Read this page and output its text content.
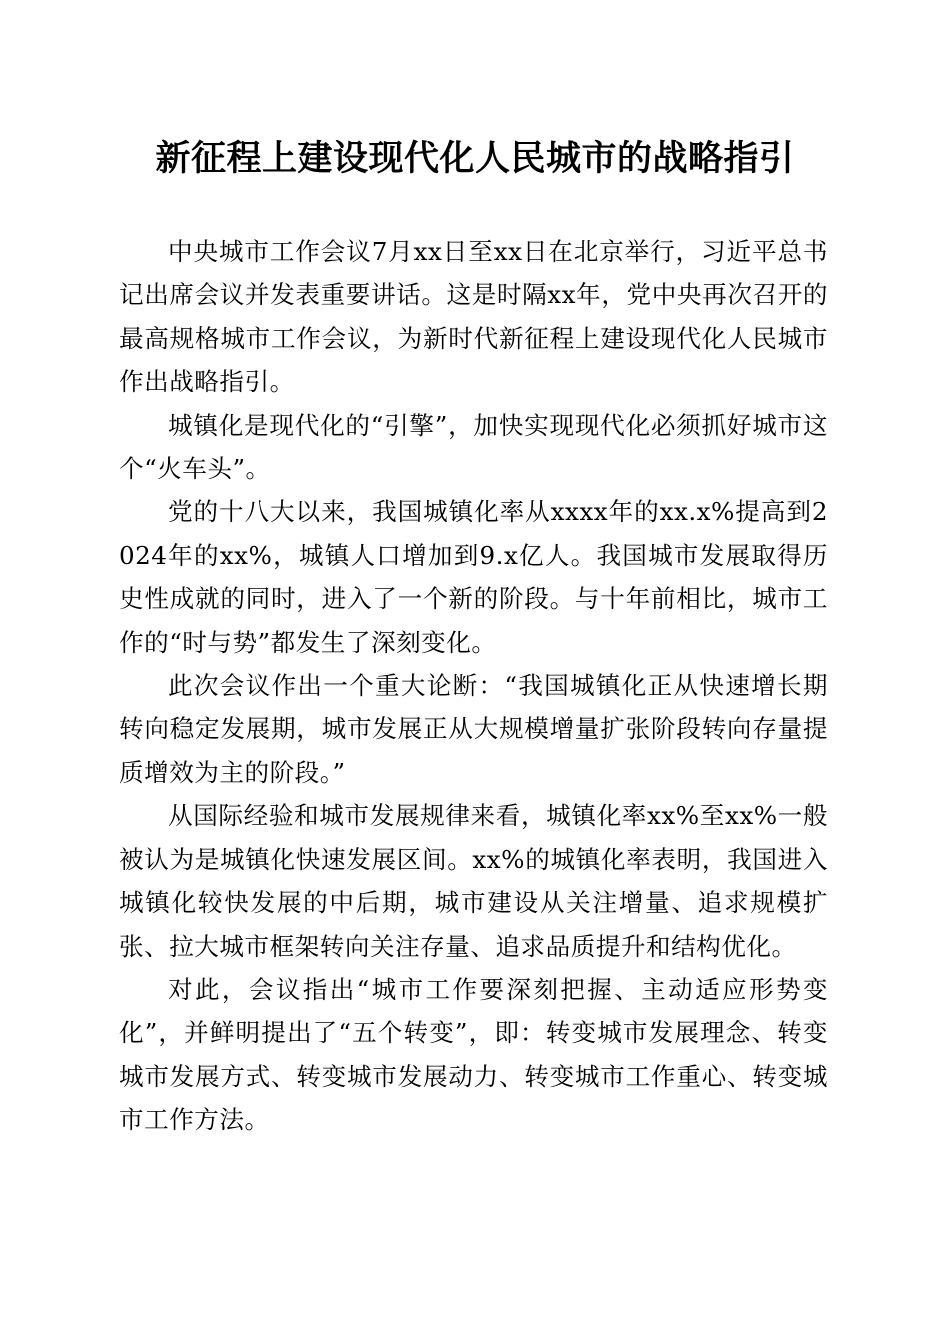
新征程上建设现代化人民城市的战略指引

中央城市工作会议7月xx日至xx日在北京举行，习近平总书记出席会议并发表重要讲话。这是时隔xx年，党中央再次召开的最高规格城市工作会议，为新时代新征程上建设现代化人民城市作出战略指引。

城镇化是现代化的“引擎”，加快实现现代化必须抓好城市这个“火车头”。

党的十八大以来，我国城镇化率从xxxx年的xx.x%提高到2024年的xx%，城镇人口增加到9.x亿人。我国城市发展取得历史性成就的同时，进入了一个新的阶段。与十年前相比，城市工作的“时与势”都发生了深刻变化。

此次会议作出一个重大论断：“我国城镇化正从快速增长期转向稳定发展期，城市发展正从大规模增量扩张阶段转向存量提质增效为主的阶段。”

从国际经验和城市发展规律来看，城镇化率xx%至xx%一般被认为是城镇化快速发展区间。xx%的城镇化率表明，我国进入城镇化较快发展的中后期，城市建设从关注增量、追求规模扩张、拉大城市框架转向关注存量、追求品质提升和结构优化。

对此，会议指出“城市工作要深刻把握、主动适应形势变化”，并鲜明提出了“五个转变”，即：转变城市发展理念、转变城市发展方式、转变城市发展动力、转变城市工作重心、转变城市工作方法。
